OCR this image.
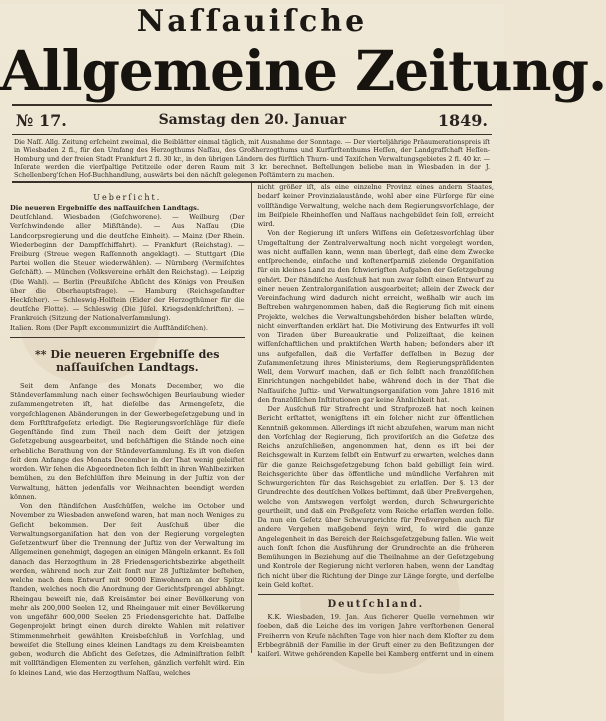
Naſſauiſche
Allgemeine Zeitung.
№ 17.	Samstag den 20. Januar	1849.
Die Naſſ. Allg. Zeitung erſcheint zweimal, die Beiblätter einmal täglich, mit Ausnahme der Sonntage. — Der vierteljährige Präaumerationspreis iſt in Wiesbaden 2 fl., für den Umfang des Herzogthums Naſſau, des Großherzogthums und Kurfürſtenthums Heſſen, der Landgrafſchaft Heſſen-Homburg und der freien Stadt Frankfurt 2 fl. 30 kr., in den übrigen Ländern des fürſtlich Thurn- und Taxiſchen Verwaltungsgebietes 2 fl. 40 kr. — Inſerate werden die vierſpaltige Petitzeile oder deren Raum mit 3 kr. berechnet. Beſtellungen beliebe man in Wiesbaden in der J. Schellenberg'ſchen Hof-Buchhandlung, auswärts bei den nächſt gelegenen Poſtämtern zu machen.
Ueberſicht.

Die neueren Ergebniſſe des naſſauiſchen Landtags.

Deutſchland. Wiesbaden (Geſchworene). — Weilburg (Der Verſchwindende aller Mißſtände). — Aus Naſſau (Die Landcorpsregierung und die deutſche Einheit). — Mainz (Der Rhein. Wiederbeginn der Dampfſchiffahrt). — Frankfurt (Reichstag). — Freiburg (Streue wegen Raſſennoth angeklagt). — Stuttgart (Die Partei wollen die Steuer wiederwählen). — Nürnberg (Vermiſchtes Geſchäft). — München (Volksvereine erhält den Reichstag). — Leipzig (Die Wahl). — Berlin (Preußiſche Abſicht des Königs von Preußen über die Oberhauptsfrage). — Hamburg (Reichsgeſandter Heckſcher). — Schleswig-Holſtein (Eider der Herzogthümer für die deutſche Flotte). — Schleswig (Die Jüſel. Kriegsdenkſchriften). — Frankreich (Sitzung der Nationalverſammlung).

Italien. Rom (Der Papſt excommunizirt die Aufſtändiſchen).

** Die neueren Ergebniſſe des naſſauiſchen Landtags.

Seit dem Anfange des Monats December, wo die Ständeverſammlung nach einer ſechswöchigen Beurlaubung wieder zuſammengetreten iſt, hat dieſelbe das Armengeſetz, die vorgeſchlagenen Abänderungen in der Gewerbegeſetzgebung und in dem Forſtſtrafgeſetz erledigt. Die Regierungsvorſchläge für dieſe Gegenſtände ſind zum Theil nach dem Geiſt der jetzigen Geſetzgebung ausgearbeitet, und beſchäftigen die Stände noch eine erhebliche Berathung von der Ständeverſammlung. Es iſt von dieſen ſeit dem Anfange des Monats December in der That wenig geleiſtet worden. Wir ſehen die Abgeordneten ſich ſelbſt in ihren Wahlbezirken bemühen, zu den Beſchlüſſen ihre Meinung in der Juſtiz von der Verwaltung, hätten jedenfalls vor Weihnachten beendigt werden können.

Von den ſtändiſchen Ausſchüſſen, welche im October und November zu Wiesbaden anweſend waren, hat man noch Weniges zu Geſicht bekommen. Der ſeit Ausſchuß über die Verwaltungsorganiſation hat den von der Regierung vorgelegten Geſetzentwurf über die Trennung der Juſtiz von der Verwaltung im Allgemeinen genehmigt, dagegen an einigen Mängeln erkannt. Es ſoll danach das Herzogthum in 28 Friedensgerichtsbezirke abgetheilt werden, während noch zur Zeit ſonſt nur 28 Juſtizämter beſtehen, welche nach dem Entwurf mit 90000 Einwohnern an der Spitze ſtanden, welches noch die Anordnung der Gerichtsſprengel abhängt. Rheingau beweiſt nie, daß Kreisämter bei einer Bevölkerung von mehr als 200,000 Seelen 12, und Rheingauer mit einer Bevölkerung von ungefähr 600,000 Seelen 25 Friedensgerichte hat. Daſſelbe Gegenprojekt bringt einen durch direkte Wahlen mit relativer Stimmenmehrheit gewählten Kreisbeſchluß in Vorſchlag, und beweiſet die Stellung eines kleinen Landtags zu dem Kreisbeamten geben, wodurch die Abſicht des Geſetzes, die Adminiſtration ſelbſt mit vollſtändigen Elementen zu verſehen, gänzlich verfehlt wird. Ein ſo kleines Land, wie das Herzogthum Naſſau, welches

nicht größer iſt, als eine einzelne Provinz eines andern Staates, bedarf keiner Provinzialaustände, wohl aber eine Fürſorge für eine vollſtändige Verwaltung, welche nach dem Regierungsvorſchlage, der im Beiſpiele Rheinheſſen und Naſſaus nachgebildet ſein ſoll, erreicht wird.

Von der Regierung iſt unſers Wiſſens ein Geſetzesvorſchlag über Umgeſtaltung der Zentralverwaltung noch nicht vorgelegt worden, was nicht auffallen kann, wenn man überlegt, daß eine dem Zwecke entſprechende, einfache und koſtenerſparniß zielende Organiſation für ein kleines Land zu den ſchwierigſten Aufgaben der Geſetzgebung gehört. Der ſtändiſche Ausſchuß hat nun zwar ſelbſt einen Entwurf zu einer neuen Zentralorganiſation ausgearbeitet; allein der Zweck der Vereinfachung wird dadurch nicht erreicht, weßhalb wir auch im Beſtreben wahrgenommen haben, daß die Regierung ſich mit einem Projekte, welches die Verwaltungsbehörden bisher belaſten würde, nicht einverſtanden erklärt hat. Die Motivirung des Entwurfes iſt voll von Tiraden über Bureaukratie und Polizeiſtaat, die keinen wiſſenſchaftlichen und praktiſchen Werth haben; beſonders aber iſt uns aufgefallen, daß die Verfaſſer deſſelben in Bezug der Zuſammenſetzung ihres Ministeriums, dem Regierungspräſidenten Well, dem Vorwurf machen, daß er ſich ſelbſt nach franzöſiſchen Einrichtungen nachgebildet habe, während doch in der That die Naſſauiſche Juſtiz- und Verwaltungsorganiſation vom Jahre 1816 mit den franzöſiſchen Inſtitutionen gar keine Ähnlichkeit hat.

Der Ausſchuß für Strafrecht und Strafprozeß hat noch keinen Bericht erſtattet, wenigſtens iſt ein ſolcher nicht zur öffentlichen Kenntniß gekommen. Allerdings iſt nicht abzuſehen, warum man nicht den Vorſchlag der Regierung, ſich proviſoriſch an die Geſetze des Reichs anzuſchließen, angenommen hat, denn es iſt bei der Reichsgewalt in Kurzem ſelbſt ein Entwurf zu erwarten, welches dann für die ganze Reichsgeſetzgebung ſchon bald gebilligt ſein wird. Reichsgerichte über das öffentliche und mündliche Verfahren mit Schwurgerichten für das Reichsgebiet zu erlaſſen. Der §. 13 der Grundrechte des deutſchen Volkes beſtimmt, daß über Preßvergehen, welche von Amtswegen verfolgt werden, durch Schwurgerichte geurtheilt, und daß ein Preßgeſetz vom Reiche erlaſſen werden ſolle. Da nun ein Geſetz über Schwurgerichte für Preßvergehen auch für andere Vergehen maßgebend ſeyn wird, ſo wird die ganze Angelegenheit in das Bereich der Reichsgeſetzgebung fallen. Wie weit auch ſonſt ſchon die Ausführung der Grundrechte an die früheren Bemühungen in Beziehung auf die Theilnahme an der Geſetzgebung und Kontrole der Regierung nicht verloren haben, wenn der Landtag ſich nicht über die Richtung der Dinge zur Länge ſorgte, und derſelbe kein Geld koſtet.

Deutſchland.

K.K. Wiesbaden, 19. Jan. Aus ſicherer Quelle vernehmen wir ſoeben, daß die Leiche des im vorigen Jahre verſtorbenen General Freiherrn von Kruſe nächſten Tage von hier nach dem Kloſter zu dem Erbbegräbniß der Familie in der Gruft einer zu den Beſitzungen der kaiſerl. Witwe gehörenden Kapelle bei Kamberg entfernt und in einem
